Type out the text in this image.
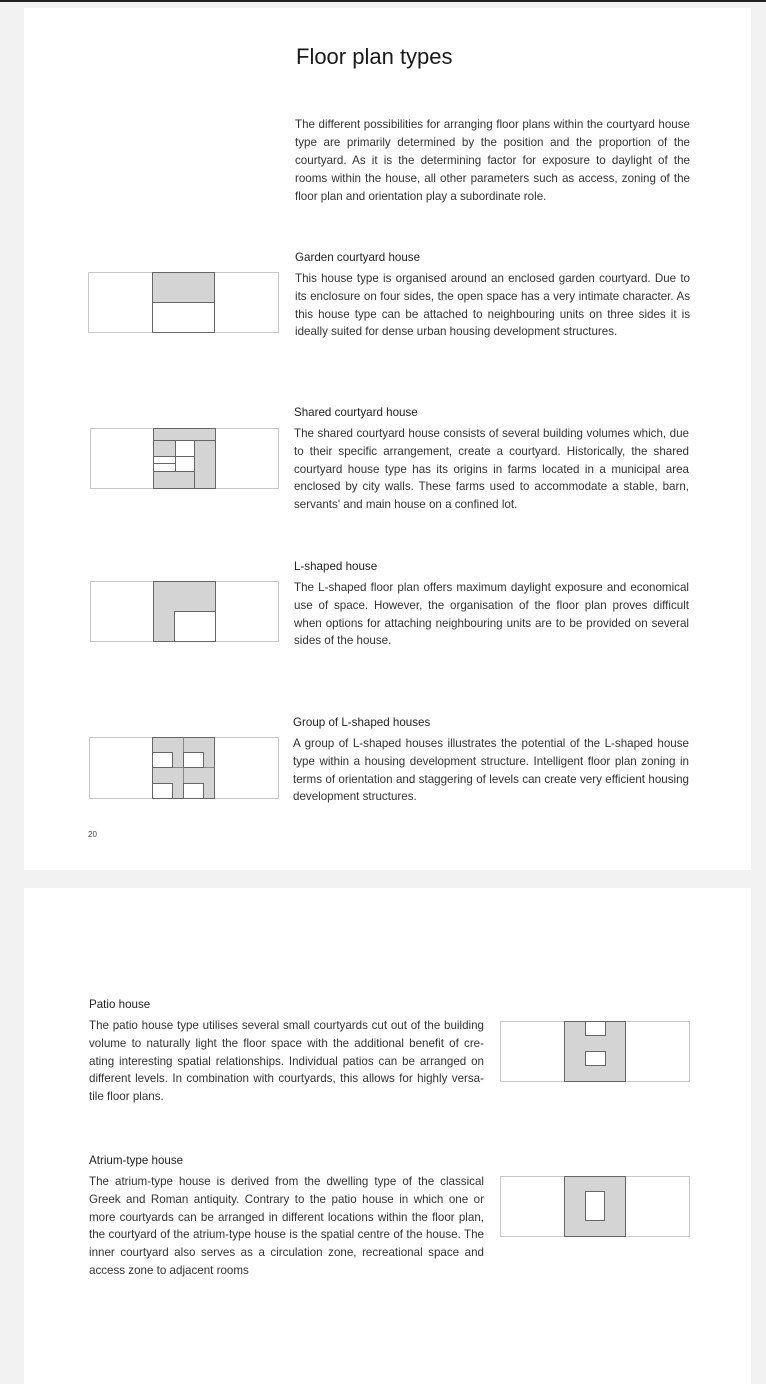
Floor plan types

The different possibilities for arranging floor plans within the courtyard house type are primarily determined by the position and the proportion of the courtyard. As it is the determining factor for exposure to daylight of the rooms within the house, all other parameters such as access, zoning of the floor plan and orientation play a subordinate role.

Garden courtyard house

This house type is organised around an enclosed garden courtyard. Due to its enclosure on four sides, the open space has a very intimate character. As this house type can be attached to neighbouring units on three sides it is ideally suited for dense urban housing development structures.

Shared courtyard house

The shared courtyard house consists of several building volumes which, due to their specific arrangement, create a courtyard. Historically, the shared courtyard house type has its origins in farms located in a municipal area enclosed by city walls. These farms used to accommodate a stable, barn, servants' and main house on a confined lot.

L-shaped house

The L-shaped floor plan offers maximum daylight exposure and economical use of space. However, the organisation of the floor plan proves difficult when options for attaching neighbouring units are to be provided on several sides of the house.

Group of L-shaped houses

A group of L-shaped houses illustrates the potential of the L-shaped house type within a housing development structure. Intelligent floor plan zoning in terms of orientation and staggering of levels can create very efficient housing development structures.

20
Patio house

The patio house type utilises several small courtyards cut out of the building volume to naturally light the floor space with the additional benefit of cre-ating interesting spatial relationships. Individual patios can be arranged on different levels. In combination with courtyards, this allows for highly versa-tile floor plans.

Atrium-type house

The atrium-type house is derived from the dwelling type of the classical Greek and Roman antiquity. Contrary to the patio house in which one or more courtyards can be arranged in different locations within the floor plan, the courtyard of the atrium-type house is the spatial centre of the house. The inner courtyard also serves as a circulation zone, recreational space and access zone to adjacent rooms
